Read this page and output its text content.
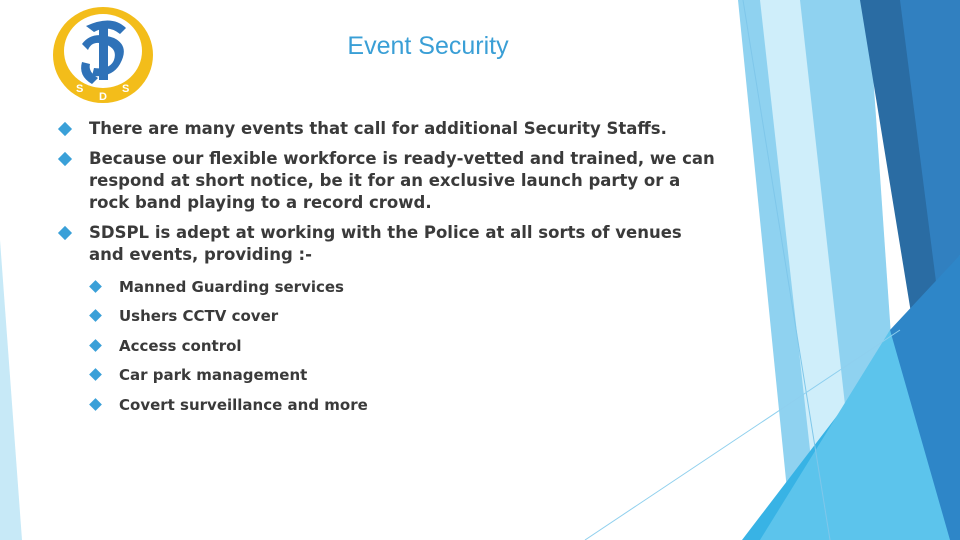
S
D
S
Event Security
There are many events that call for additional Security Staffs.
Because our flexible workforce is ready-vetted and trained, we can respond at short notice, be it for an exclusive launch party or a rock band playing to a record crowd.
SDSPL is adept at working with the Police at all sorts of venues and events, providing :-
Manned Guarding services
Ushers CCTV cover
Access control
Car park management
Covert surveillance and more
